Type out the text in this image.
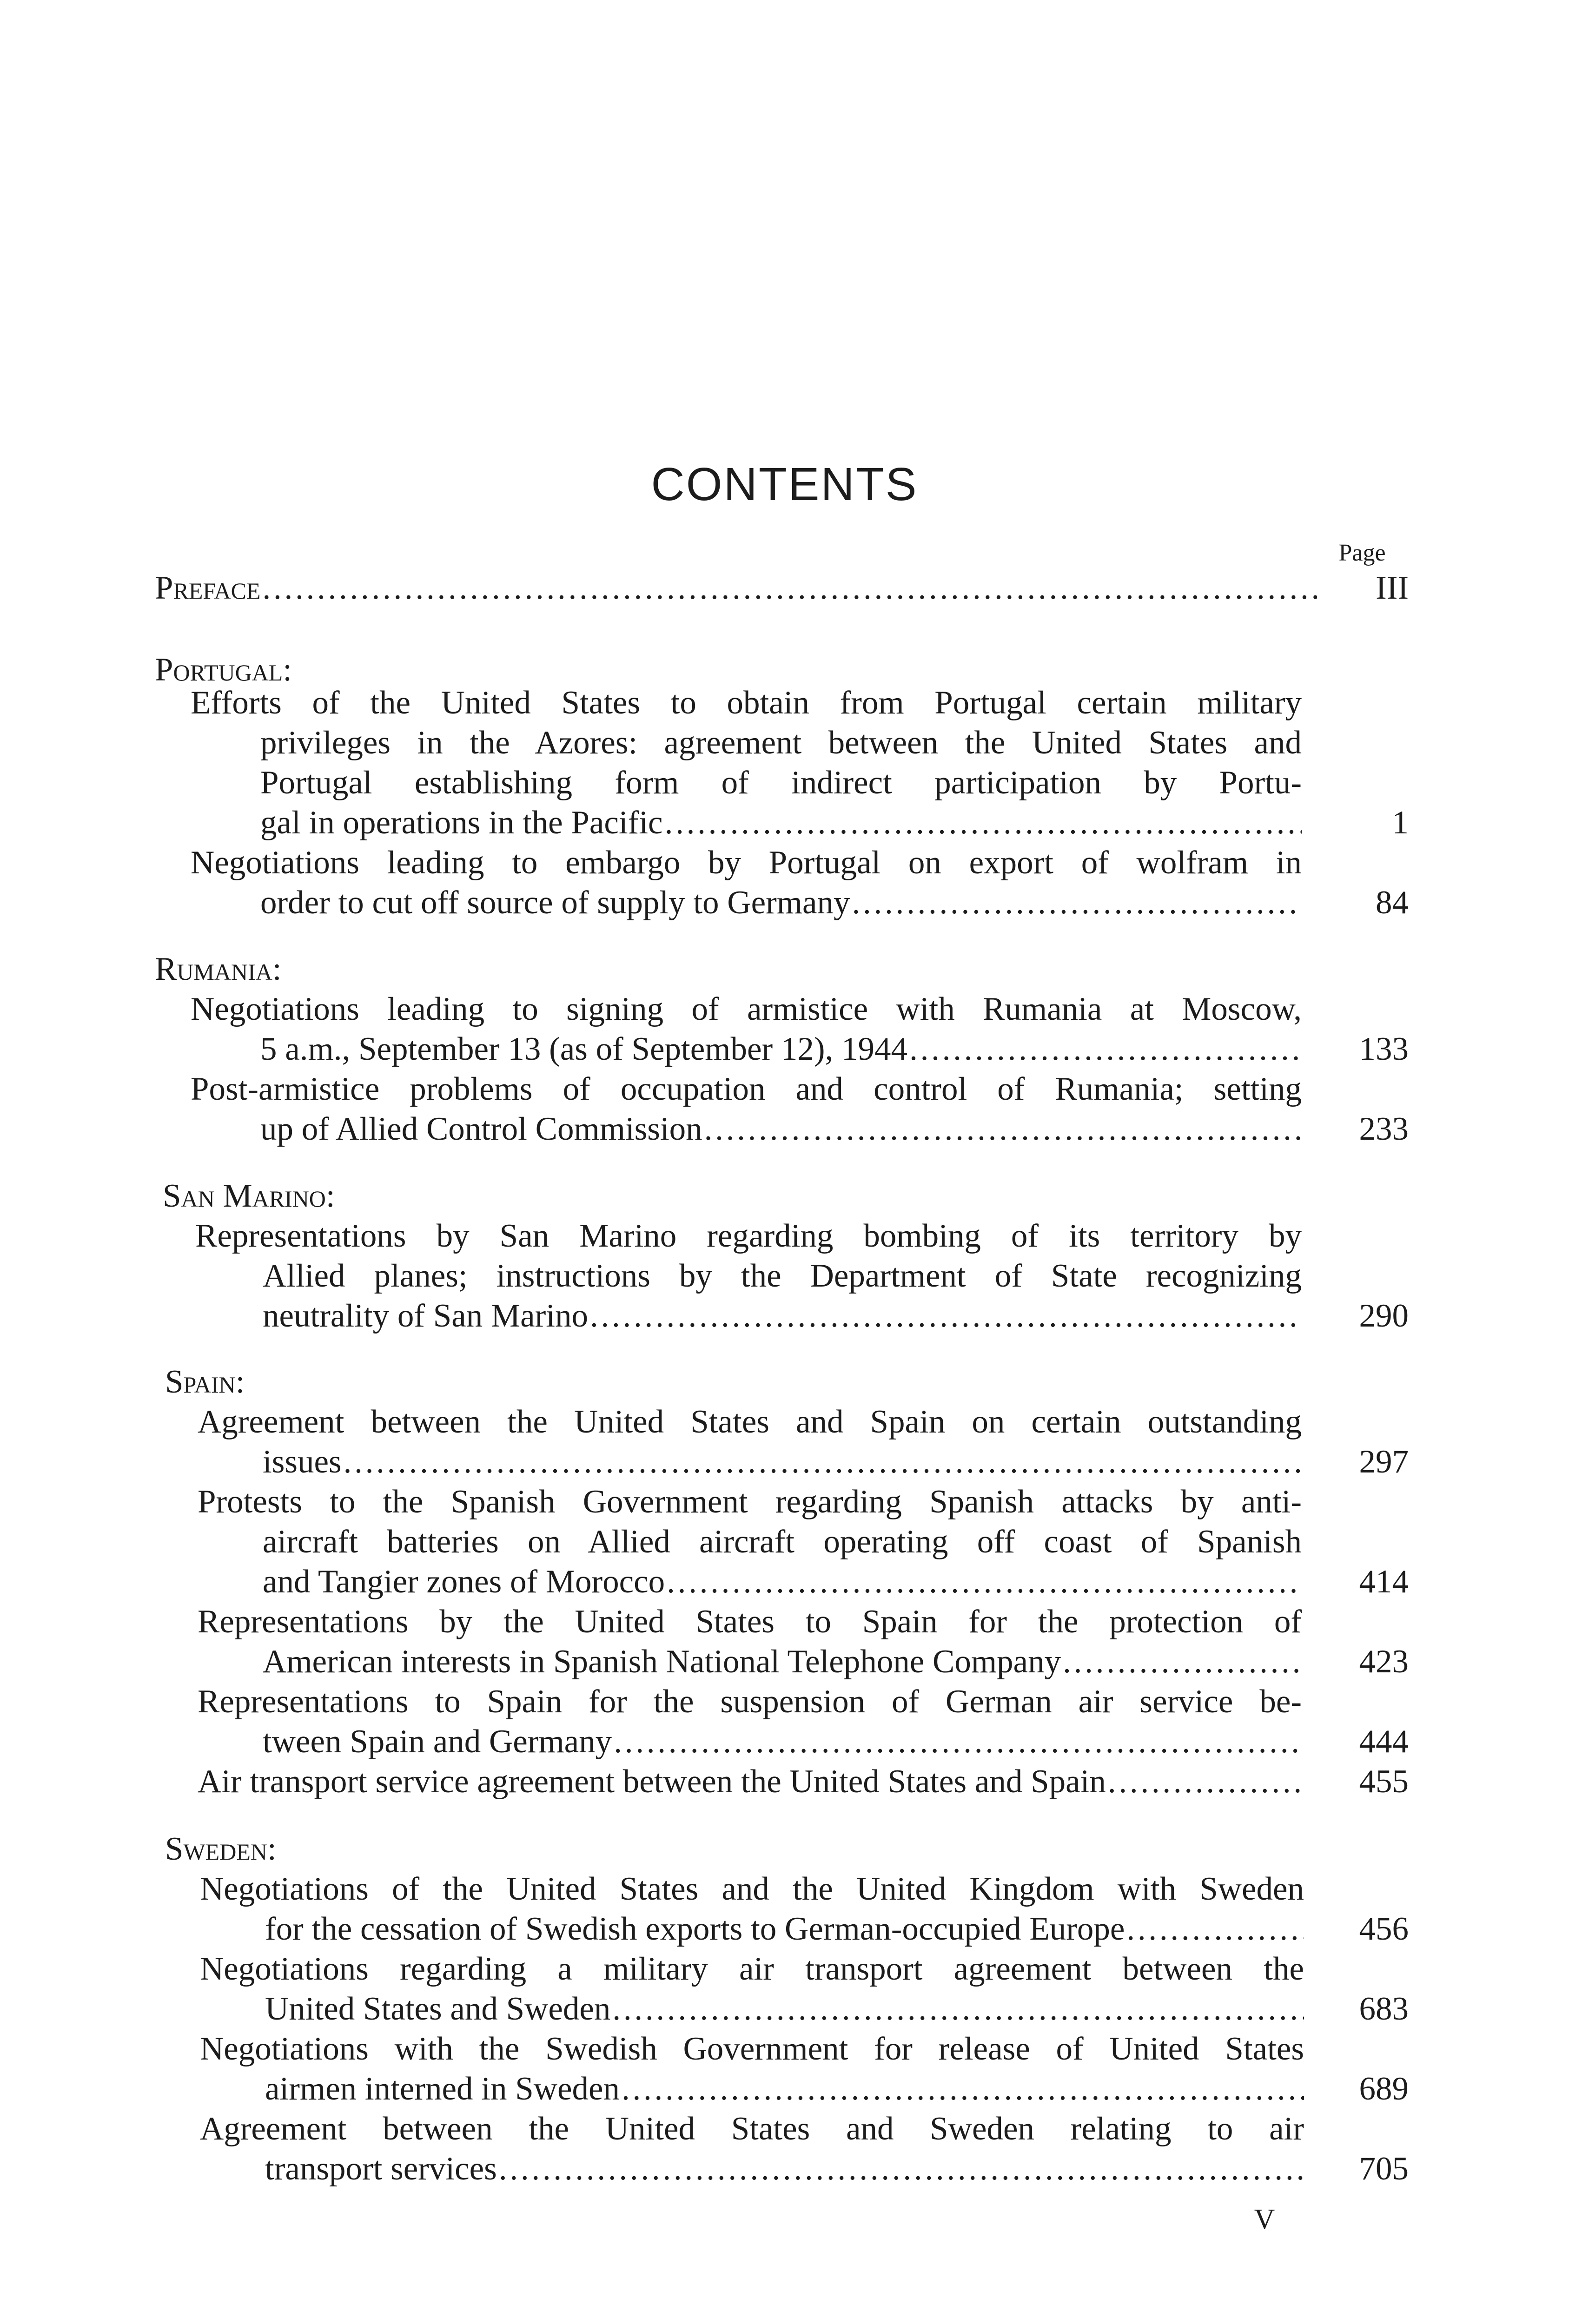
CONTENTS
Page
Preface . . .	III
Portugal:
Efforts of the United States to obtain from Portugal certain military
privileges in the Azores: agreement between the United States and
Portugal establishing form of indirect participation by Portu-
gal in operations in the Pacific . . .	1
Negotiations leading to embargo by Portugal on export of wolfram in
order to cut off source of supply to Germany . . .	84
Rumania:
Negotiations leading to signing of armistice with Rumania at Moscow,
5 a.m., September 13 (as of September 12), 1944 . . .	133
Post-armistice problems of occupation and control of Rumania; setting
up of Allied Control Commission . . .	233
San Marino:
Representations by San Marino regarding bombing of its territory by
Allied planes; instructions by the Department of State recognizing
neutrality of San Marino . . .	290
Spain:
Agreement between the United States and Spain on certain outstanding
issues . . .	297
Protests to the Spanish Government regarding Spanish attacks by anti-
aircraft batteries on Allied aircraft operating off coast of Spanish
and Tangier zones of Morocco . . .	414
Representations by the United States to Spain for the protection of
American interests in Spanish National Telephone Company . . .	423
Representations to Spain for the suspension of German air service be-
tween Spain and Germany . . .	444
Air transport service agreement between the United States and Spain . . .	455
Sweden:
Negotiations of the United States and the United Kingdom with Sweden
for the cessation of Swedish exports to German-occupied Europe . . .	456
Negotiations regarding a military air transport agreement between the
United States and Sweden . . .	683
Negotiations with the Swedish Government for release of United States
airmen interned in Sweden . . .	689
Agreement between the United States and Sweden relating to air
transport services . . .	705
V
